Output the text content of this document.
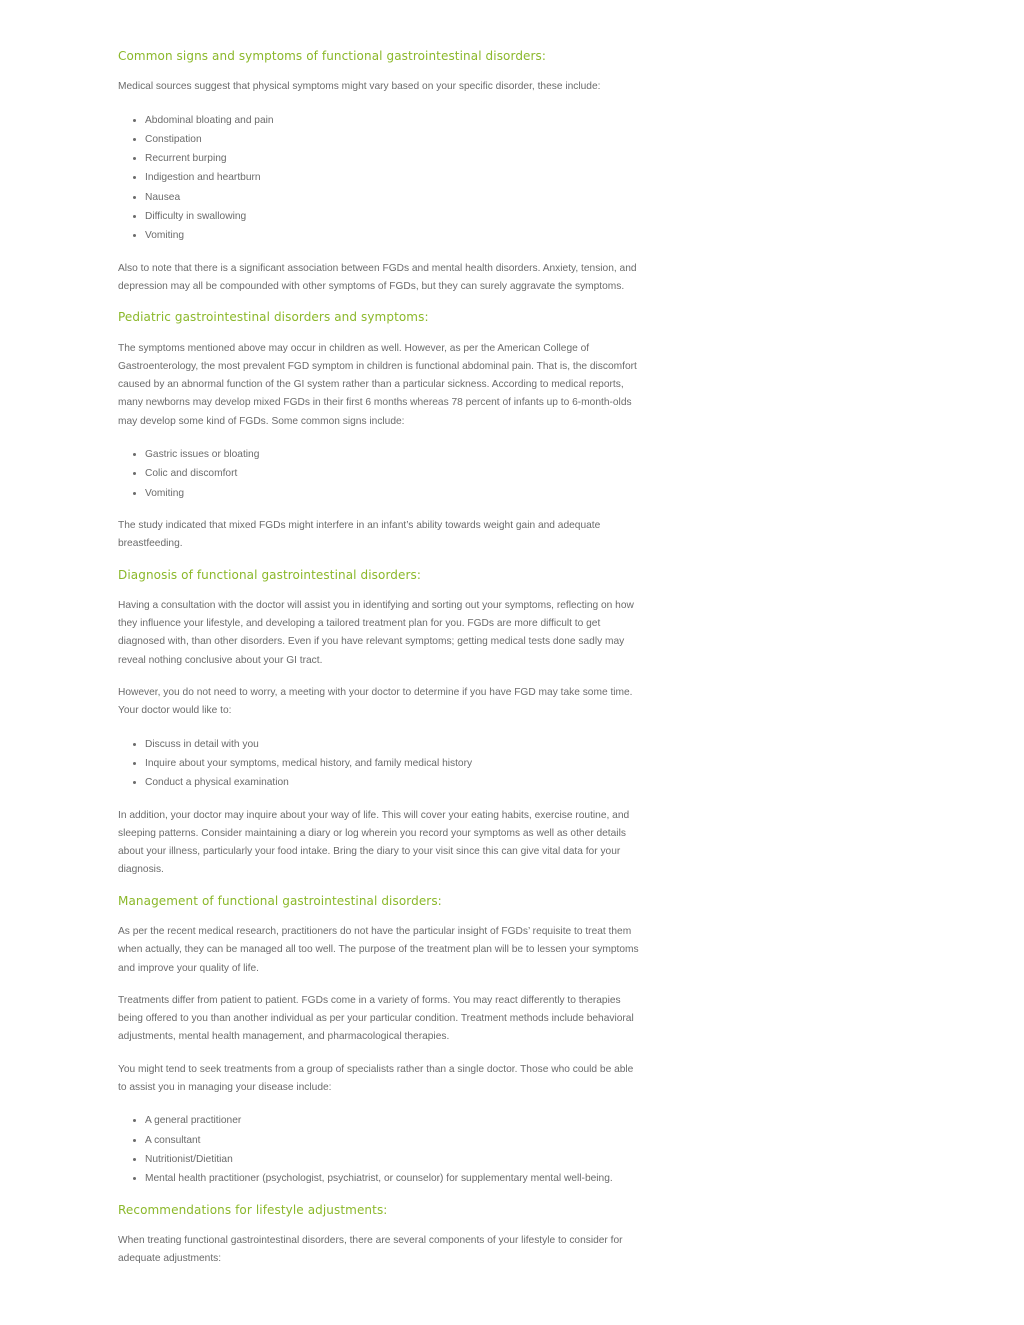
Common signs and symptoms of functional gastrointestinal disorders:

Medical sources suggest that physical symptoms might vary based on your specific disorder, these include:

• Abdominal bloating and pain
• Constipation
• Recurrent burping
• Indigestion and heartburn
• Nausea
• Difficulty in swallowing
• Vomiting

Also to note that there is a significant association between FGDs and mental health disorders. Anxiety, tension, and depression may all be compounded with other symptoms of FGDs, but they can surely aggravate the symptoms.

Pediatric gastrointestinal disorders and symptoms:

The symptoms mentioned above may occur in children as well. However, as per the American College of Gastroenterology, the most prevalent FGD symptom in children is functional abdominal pain. That is, the discomfort caused by an abnormal function of the GI system rather than a particular sickness. According to medical reports, many newborns may develop mixed FGDs in their first 6 months whereas 78 percent of infants up to 6-month-olds may develop some kind of FGDs. Some common signs include:

• Gastric issues or bloating
• Colic and discomfort
• Vomiting

The study indicated that mixed FGDs might interfere in an infant’s ability towards weight gain and adequate breastfeeding.

Diagnosis of functional gastrointestinal disorders:

Having a consultation with the doctor will assist you in identifying and sorting out your symptoms, reflecting on how they influence your lifestyle, and developing a tailored treatment plan for you. FGDs are more difficult to get diagnosed with, than other disorders. Even if you have relevant symptoms; getting medical tests done sadly may reveal nothing conclusive about your GI tract.

However, you do not need to worry, a meeting with your doctor to determine if you have FGD may take some time. Your doctor would like to:

• Discuss in detail with you
• Inquire about your symptoms, medical history, and family medical history
• Conduct a physical examination

In addition, your doctor may inquire about your way of life. This will cover your eating habits, exercise routine, and sleeping patterns. Consider maintaining a diary or log wherein you record your symptoms as well as other details about your illness, particularly your food intake. Bring the diary to your visit since this can give vital data for your diagnosis.

Management of functional gastrointestinal disorders:

As per the recent medical research, practitioners do not have the particular insight of FGDs’ requisite to treat them when actually, they can be managed all too well. The purpose of the treatment plan will be to lessen your symptoms and improve your quality of life.

Treatments differ from patient to patient. FGDs come in a variety of forms. You may react differently to therapies being offered to you than another individual as per your particular condition. Treatment methods include behavioral adjustments, mental health management, and pharmacological therapies.

You might tend to seek treatments from a group of specialists rather than a single doctor. Those who could be able to assist you in managing your disease include:

• A general practitioner
• A consultant
• Nutritionist/Dietitian
• Mental health practitioner (psychologist, psychiatrist, or counselor) for supplementary mental well-being.
Recommendations for lifestyle adjustments:

When treating functional gastrointestinal disorders, there are several components of your lifestyle to consider for adequate adjustments:
